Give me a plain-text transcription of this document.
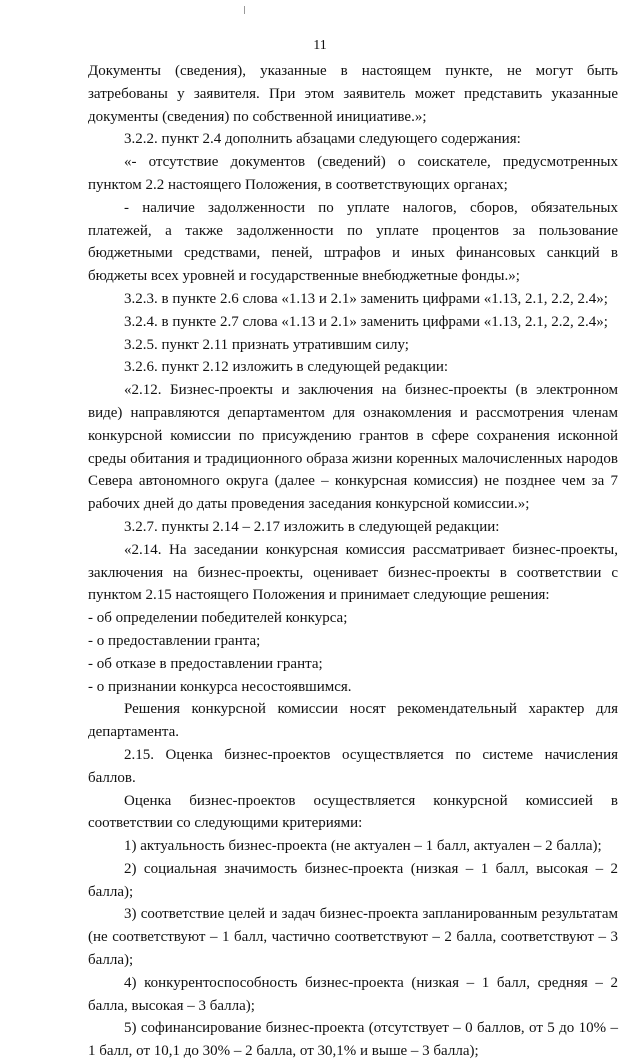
11

Документы (сведения), указанные в настоящем пункте, не могут быть затребованы у заявителя. При этом заявитель может представить указанные документы (сведения) по собственной инициативе.»;

3.2.2. пункт 2.4 дополнить абзацами следующего содержания:

«- отсутствие документов (сведений) о соискателе, предусмотренных пунктом 2.2 настоящего Положения, в соответствующих органах;

- наличие задолженности по уплате налогов, сборов, обязательных платежей, а также задолженности по уплате процентов за пользование бюджетными средствами, пеней, штрафов и иных финансовых санкций в бюджеты всех уровней и государственные внебюджетные фонды.»;

3.2.3. в пункте 2.6 слова «1.13 и 2.1» заменить цифрами «1.13, 2.1, 2.2, 2.4»;

3.2.4. в пункте 2.7 слова «1.13 и 2.1» заменить цифрами «1.13, 2.1, 2.2, 2.4»;

3.2.5. пункт 2.11 признать утратившим силу;

3.2.6. пункт 2.12 изложить в следующей редакции:

«2.12. Бизнес-проекты и заключения на бизнес-проекты (в электронном виде) направляются департаментом для ознакомления и рассмотрения членам конкурсной комиссии по присуждению грантов в сфере сохранения исконной среды обитания и традиционного образа жизни коренных малочисленных народов Севера автономного округа (далее – конкурсная комиссия) не позднее чем за 7 рабочих дней до даты проведения заседания конкурсной комиссии.»;

3.2.7. пункты 2.14 – 2.17 изложить в следующей редакции:

«2.14. На заседании конкурсная комиссия рассматривает бизнес-проекты, заключения на бизнес-проекты, оценивает бизнес-проекты в соответствии с пунктом 2.15 настоящего Положения и принимает следующие решения:

- об определении победителей конкурса;

- о предоставлении гранта;

- об отказе в предоставлении гранта;

- о признании конкурса несостоявшимся.

Решения конкурсной комиссии носят рекомендательный характер для департамента.

2.15. Оценка бизнес-проектов осуществляется по системе начисления баллов.

Оценка бизнес-проектов осуществляется конкурсной комиссией в соответствии со следующими критериями:

1) актуальность бизнес-проекта (не актуален – 1 балл, актуален – 2 балла);

2) социальная значимость бизнес-проекта (низкая – 1 балл, высокая – 2 балла);

3) соответствие целей и задач бизнес-проекта запланированным результатам (не соответствуют – 1 балл, частично соответствуют – 2 балла, соответствуют – 3 балла);

4) конкурентоспособность бизнес-проекта (низкая – 1 балл, средняя – 2 балла, высокая – 3 балла);

5) софинансирование бизнес-проекта (отсутствует – 0 баллов, от 5 до 10% – 1 балл, от 10,1 до 30% – 2 балла, от 30,1% и выше – 3 балла);
